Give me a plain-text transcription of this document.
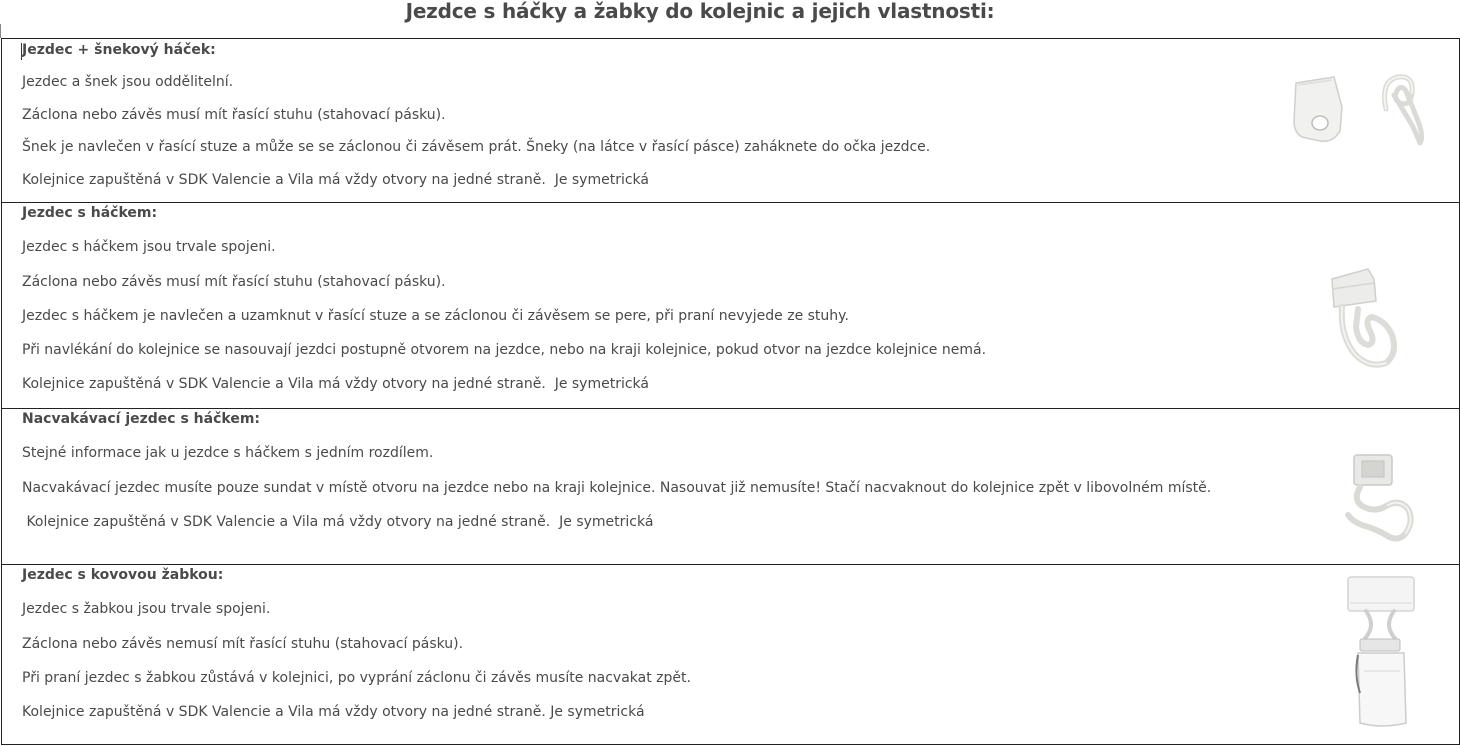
Jezdce s háčky a žabky do kolejnic a jejich vlastnosti:
Jezdec + šnekový háček:
Jezdec a šnek jsou oddělitelní.
Záclona nebo závěs musí mít řasící stuhu (stahovací pásku).
Šnek je navlečen v řasící stuze a může se se záclonou či závěsem prát. Šneky (na látce v řasící pásce) zaháknete do očka jezdce.
Kolejnice zapuštěná v SDK Valencie a Vila má vždy otvory na jedné straně.  Je symetrická
Jezdec s háčkem:
Jezdec s háčkem jsou trvale spojeni.
Záclona nebo závěs musí mít řasící stuhu (stahovací pásku).
Jezdec s háčkem je navlečen a uzamknut v řasící stuze a se záclonou či závěsem se pere, při praní nevyjede ze stuhy.
Při navlékání do kolejnice se nasouvají jezdci postupně otvorem na jezdce, nebo na kraji kolejnice, pokud otvor na jezdce kolejnice nemá.
Kolejnice zapuštěná v SDK Valencie a Vila má vždy otvory na jedné straně.  Je symetrická
Nacvakávací jezdec s háčkem:
Stejné informace jak u jezdce s háčkem s jedním rozdílem.
Nacvakávací jezdec musíte pouze sundat v místě otvoru na jezdce nebo na kraji kolejnice. Nasouvat již nemusíte! Stačí nacvaknout do kolejnice zpět v libovolném místě.
Kolejnice zapuštěná v SDK Valencie a Vila má vždy otvory na jedné straně.  Je symetrická
Jezdec s kovovou žabkou:
Jezdec s žabkou jsou trvale spojeni.
Záclona nebo závěs nemusí mít řasící stuhu (stahovací pásku).
Při praní jezdec s žabkou zůstává v kolejnici, po vyprání záclonu či závěs musíte nacvakat zpět.
Kolejnice zapuštěná v SDK Valencie a Vila má vždy otvory na jedné straně. Je symetrická
